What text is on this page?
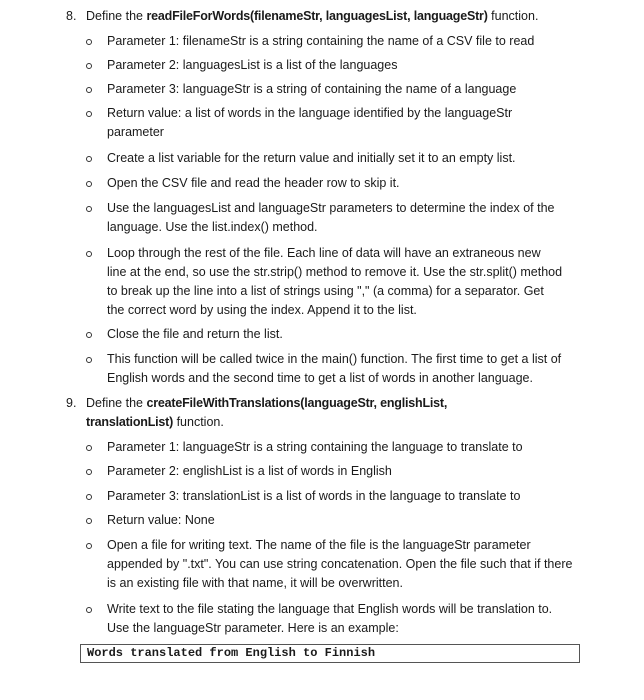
8. Define the readFileForWords(filenameStr, languagesList, languageStr) function.
Parameter 1: filenameStr is a string containing the name of a CSV file to read
Parameter 2: languagesList is a list of the languages
Parameter 3: languageStr is a string of containing the name of a language
Return value: a list of words in the language identified by the languageStr parameter
Create a list variable for the return value and initially set it to an empty list.
Open the CSV file and read the header row to skip it.
Use the languagesList and languageStr parameters to determine the index of the language. Use the list.index() method.
Loop through the rest of the file. Each line of data will have an extraneous new line at the end, so use the str.strip() method to remove it. Use the str.split() method to break up the line into a list of strings using "," (a comma) for a separator. Get the correct word by using the index. Append it to the list.
Close the file and return the list.
This function will be called twice in the main() function. The first time to get a list of English words and the second time to get a list of words in another language.
9. Define the createFileWithTranslations(languageStr, englishList, translationList) function.
Parameter 1: languageStr is a string containing the language to translate to
Parameter 2: englishList is a list of words in English
Parameter 3: translationList is a list of words in the language to translate to
Return value: None
Open a file for writing text. The name of the file is the languageStr parameter appended by ".txt". You can use string concatenation. Open the file such that if there is an existing file with that name, it will be overwritten.
Write text to the file stating the language that English words will be translation to. Use the languageStr parameter. Here is an example:
Words translated from English to Finnish
